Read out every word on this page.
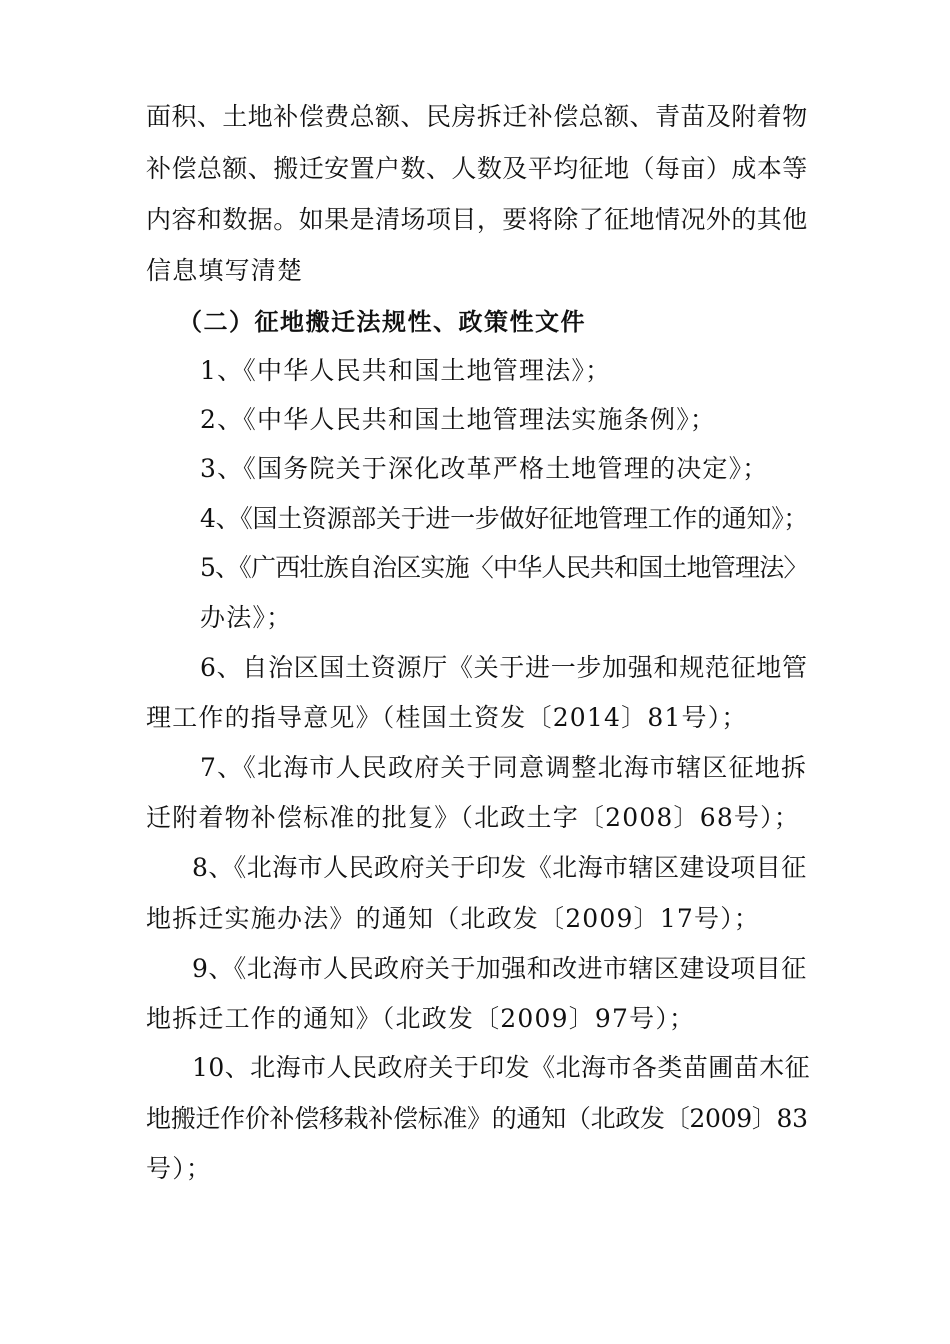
面积、土地补偿费总额、民房拆迁补偿总额、青苗及附着物
补偿总额、搬迁安置户数、人数及平均征地（每亩）成本等
内容和数据。如果是清场项目，要将除了征地情况外的其他
信息填写清楚
（二）征地搬迁法规性、政策性文件
1、《中华人民共和国土地管理法》；
2、《中华人民共和国土地管理法实施条例》；
3、《国务院关于深化改革严格土地管理的决定》；
4、《国土资源部关于进一步做好征地管理工作的通知》；
5、《广西壮族自治区实施〈中华人民共和国土地管理法〉
办法》；
6、自治区国土资源厅《关于进一步加强和规范征地管
理工作的指导意见》（桂国土资发〔2014〕81号）；
7、《北海市人民政府关于同意调整北海市辖区征地拆
迁附着物补偿标准的批复》（北政土字〔2008〕68号）；
8、《北海市人民政府关于印发《北海市辖区建设项目征
地拆迁实施办法》的通知（北政发〔2009〕17号）；
9、《北海市人民政府关于加强和改进市辖区建设项目征
地拆迁工作的通知》（北政发〔2009〕97号）；
10、北海市人民政府关于印发《北海市各类苗圃苗木征
地搬迁作价补偿移栽补偿标准》的通知（北政发〔2009〕83
号）；
